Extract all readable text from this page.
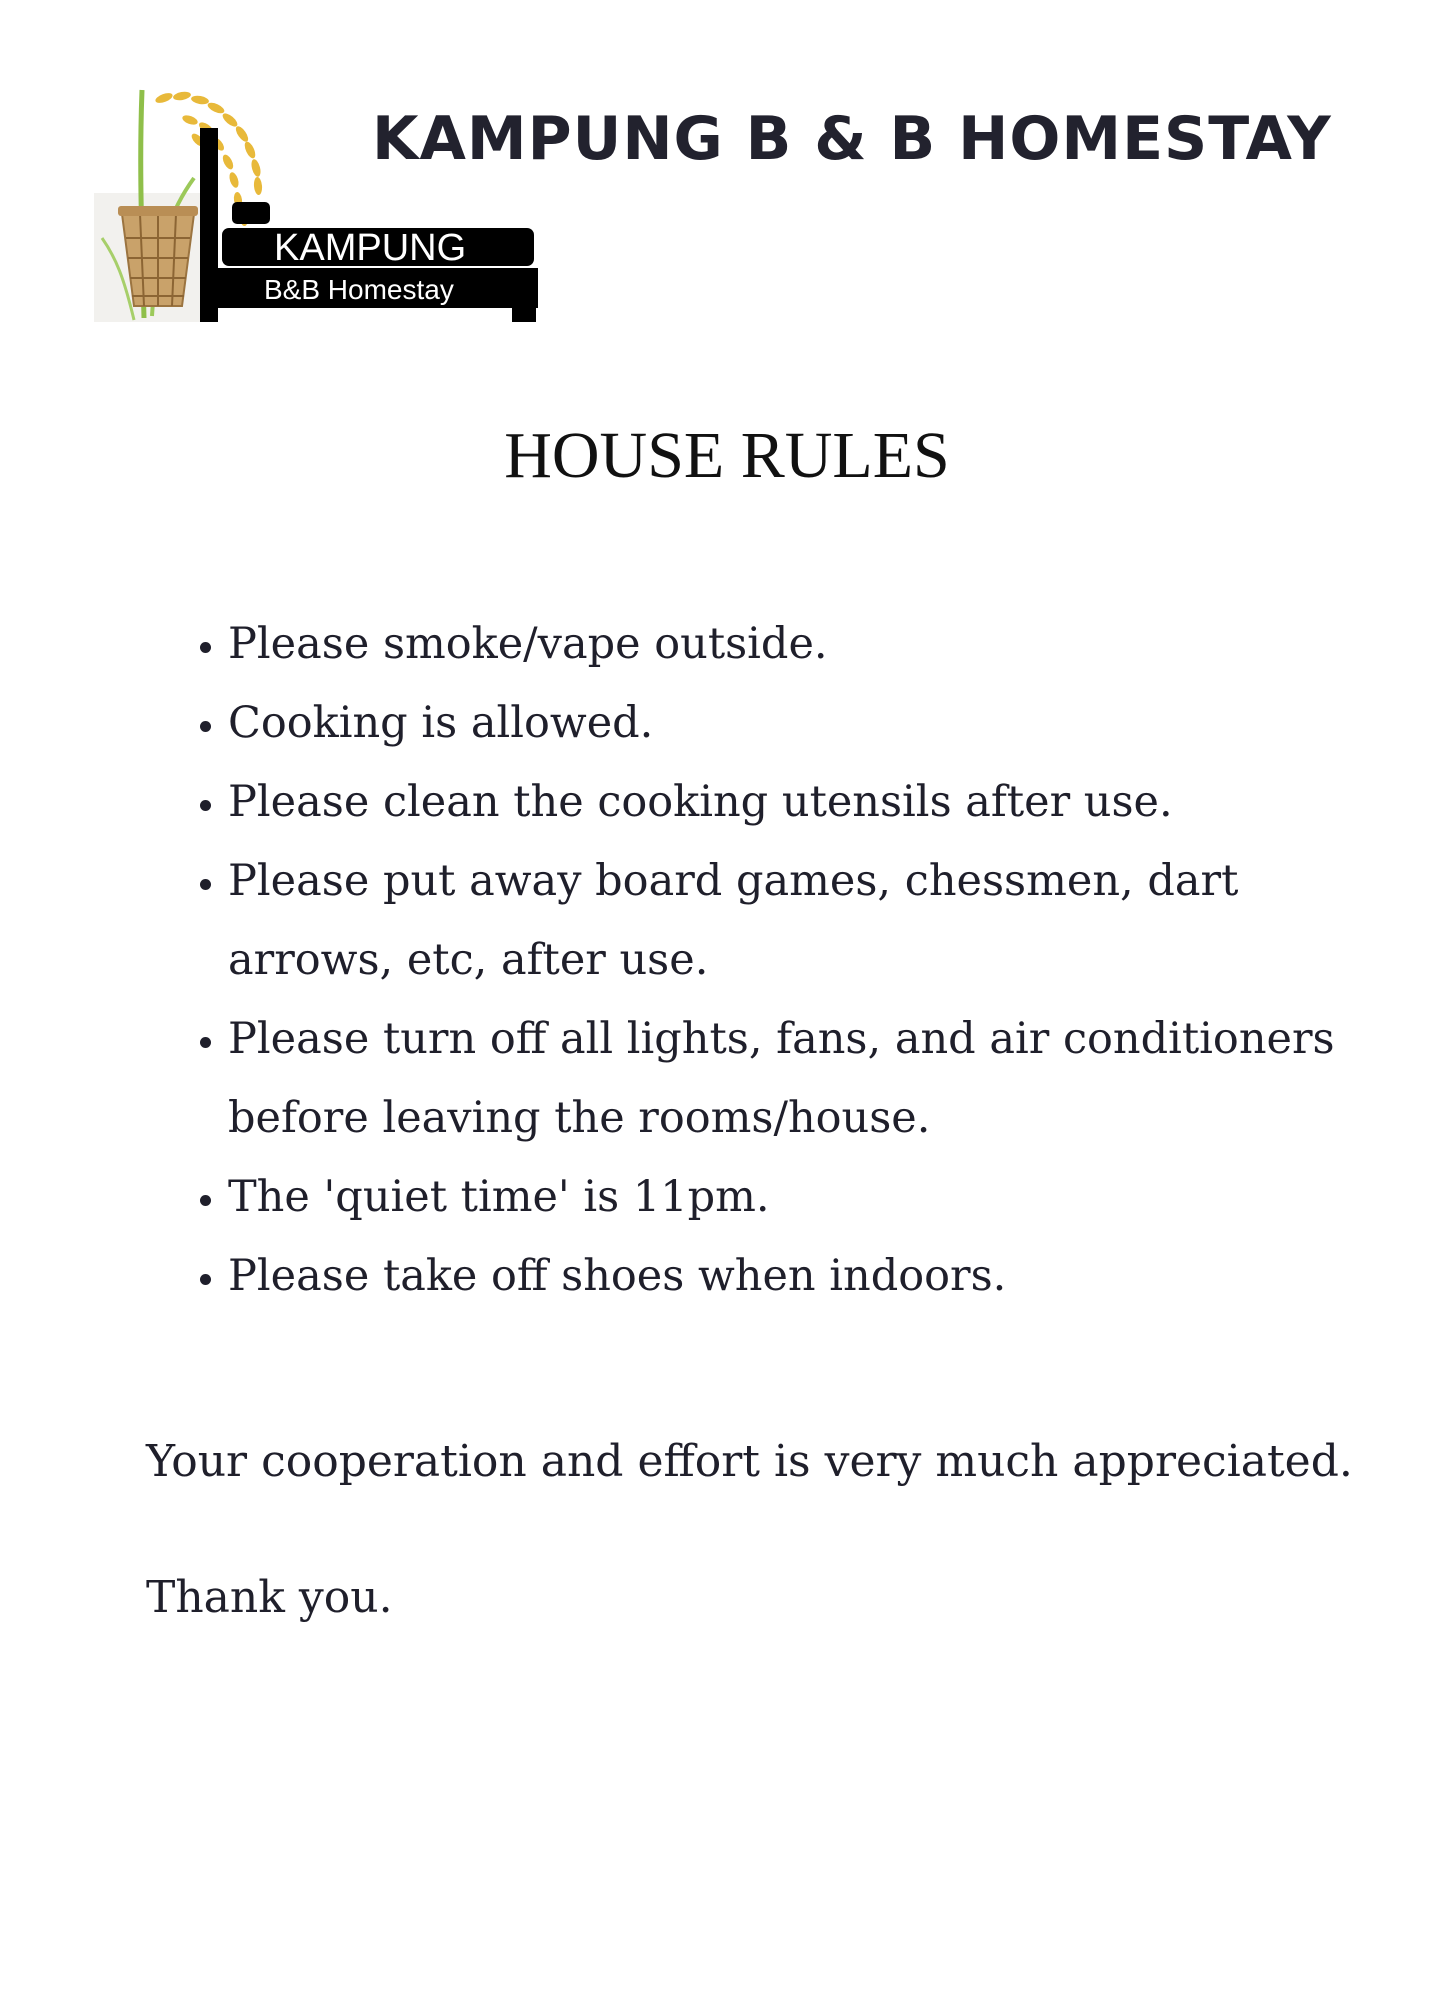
KAMPUNG
B&B Homestay
KAMPUNG B & B HOMESTAY
HOUSE RULES
• Please smoke/vape outside.
• Cooking is allowed.
• Please clean the cooking utensils after use.
• Please put away board games, chessmen, dart arrows, etc, after use.
• Please turn off all lights, fans, and air conditioners before leaving the rooms/house.
• The 'quiet time' is 11pm.
• Please take off shoes when indoors.

Your cooperation and effort is very much appreciated.

Thank you.
